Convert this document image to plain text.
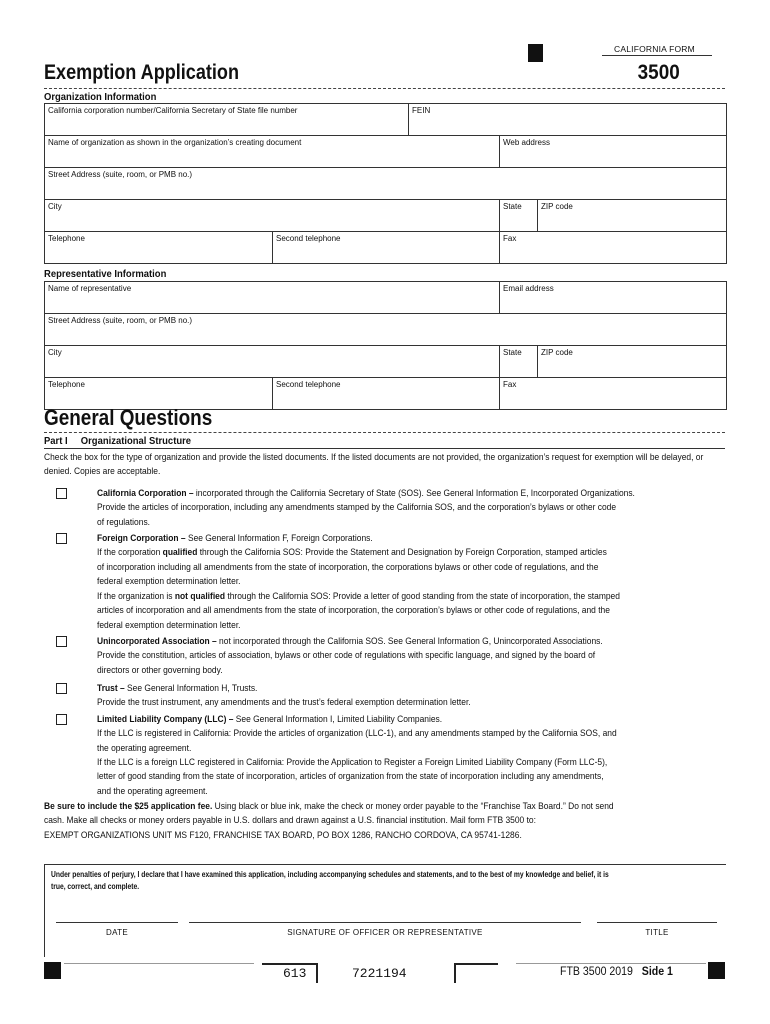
CALIFORNIA FORM
Exemption Application	3500
Organization Information
California corporation number/California Secretary of State file number	FEIN
Name of organization as shown in the organization’s creating document	Web address
Street Address (suite, room, or PMB no.)
City	State ZIP code
Telephone	Second telephone	Fax
Representative Information
Name of representative	Email address
Street Address (suite, room, or PMB no.)
City	State ZIP code
Telephone	Second telephone	Fax
General Questions
Part I Organizational Structure
Check the box for the type of organization and provide the listed documents. If the listed documents are not provided, the organization’s request for exemption will be delayed, or denied. Copies are acceptable.
California Corporation – incorporated through the California Secretary of State (SOS). See General Information E, Incorporated Organizations.
Provide the articles of incorporation, including any amendments stamped by the California SOS, and the corporation’s bylaws or other code
of regulations.
Foreign Corporation – See General Information F, Foreign Corporations.
If the corporation qualified through the California SOS: Provide the Statement and Designation by Foreign Corporation, stamped articles
of incorporation including all amendments from the state of incorporation, the corporations bylaws or other code of regulations, and the
federal exemption determination letter.
If the organization is not qualified through the California SOS: Provide a letter of good standing from the state of incorporation, the stamped
articles of incorporation and all amendments from the state of incorporation, the corporation’s bylaws or other code of regulations, and the
federal exemption determination letter.
Unincorporated Association – not incorporated through the California SOS. See General Information G, Unincorporated Associations.
Provide the constitution, articles of association, bylaws or other code of regulations with specific language, and signed by the board of
directors or other governing body.
Trust – See General Information H, Trusts.
Provide the trust instrument, any amendments and the trust’s federal exemption determination letter.
Limited Liability Company (LLC) – See General Information I, Limited Liability Companies.
If the LLC is registered in California: Provide the articles of organization (LLC-1), and any amendments stamped by the California SOS, and
the operating agreement.
If the LLC is a foreign LLC registered in California: Provide the Application to Register a Foreign Limited Liability Company (Form LLC-5),
letter of good standing from the state of incorporation, articles of organization from the state of incorporation including any amendments,
and the operating agreement.
Be sure to include the $25 application fee. Using black or blue ink, make the check or money order payable to the “Franchise Tax Board.” Do not send
cash. Make all checks or money orders payable in U.S. dollars and drawn against a U.S. financial institution. Mail form FTB 3500 to:
EXEMPT ORGANIZATIONS UNIT MS F120, FRANCHISE TAX BOARD, PO BOX 1286, RANCHO CORDOVA, CA 95741-1286.
Under penalties of perjury, I declare that I have examined this application, including accompanying schedules and statements, and to the best of my knowledge and belief, it is
true, correct, and complete.
DATE	SIGNATURE OF OFFICER OR REPRESENTATIVE	TITLE
613	7221194	FTB 3500 2019 Side 1
